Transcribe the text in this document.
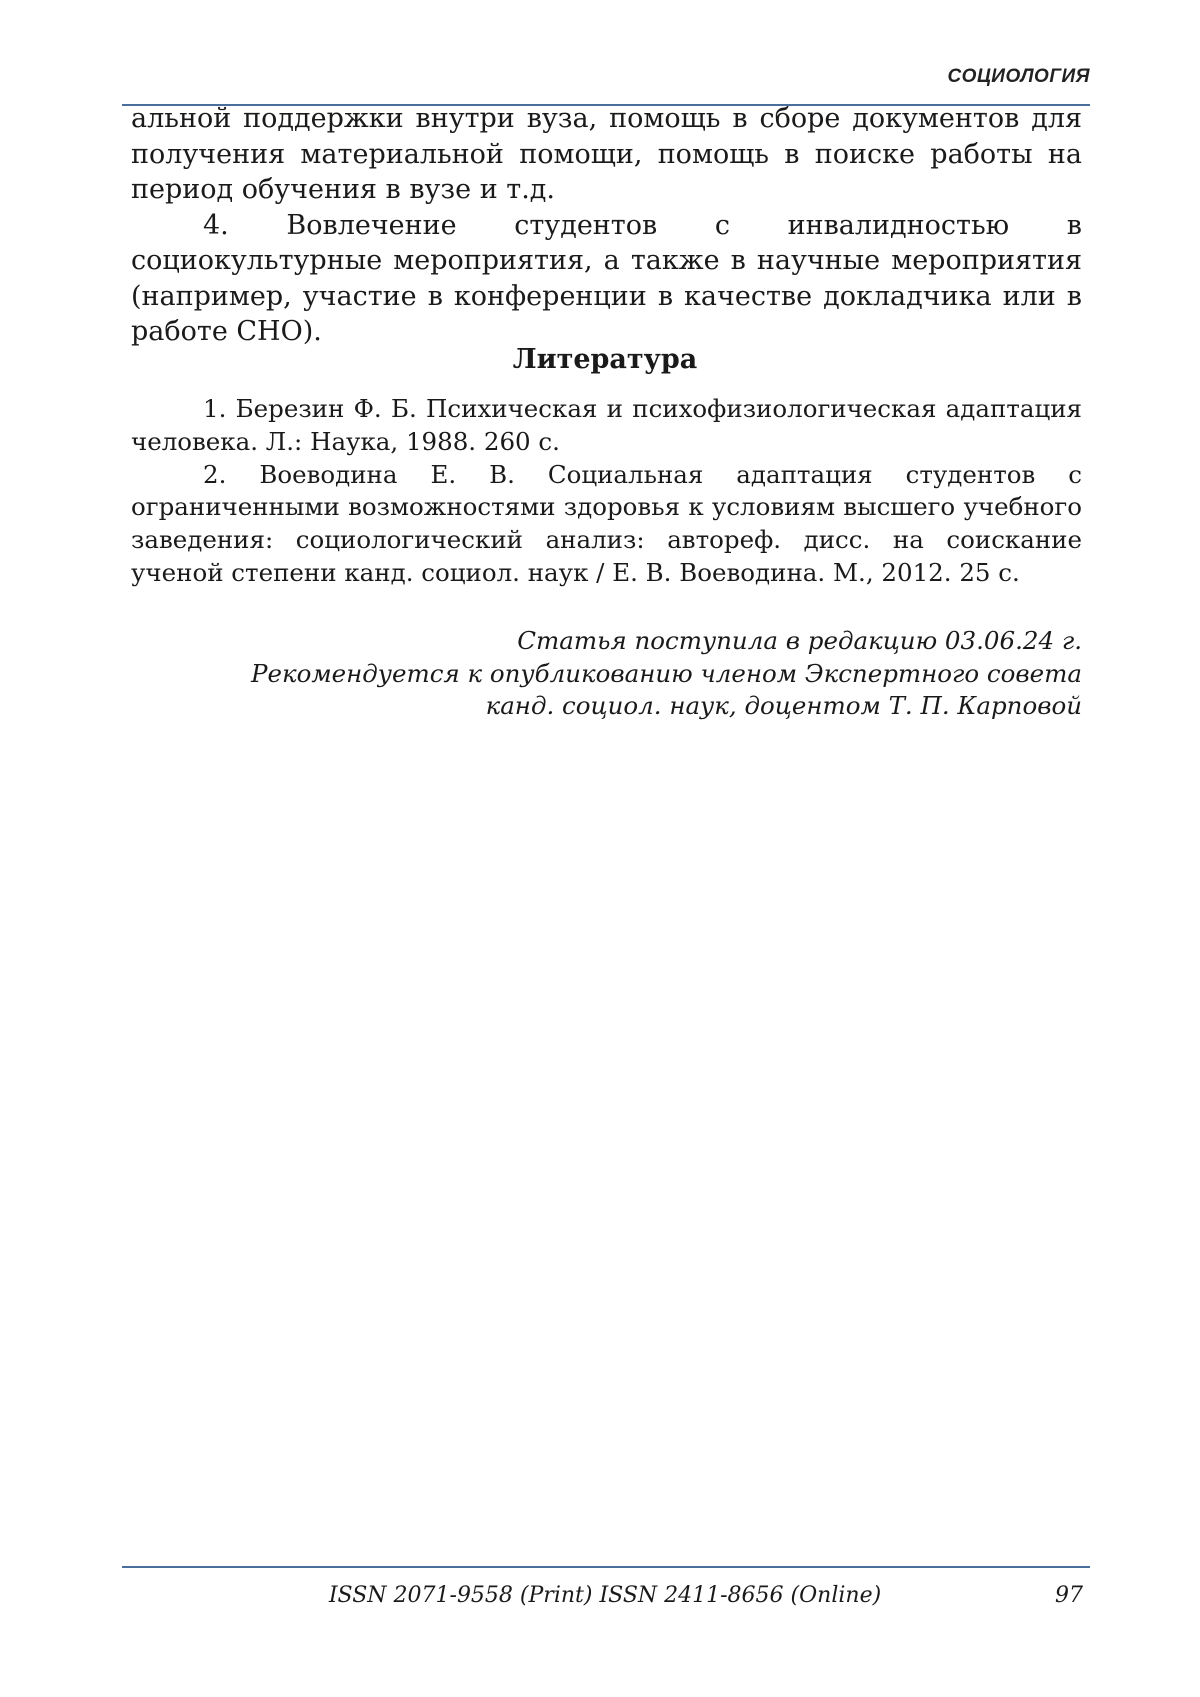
СОЦИОЛОГИЯ

альной поддержки внутри вуза, помощь в сборе документов для получения материальной помощи, помощь в поиске работы на период обучения в вузе и т.д.

4. Вовлечение студентов с инвалидностью в социокультурные мероприятия, а также в научные мероприятия (например, участие в конференции в качестве докладчика или в работе СНО).

Литература

1. Березин Ф. Б. Психическая и психофизиологическая адаптация человека. Л.: Наука, 1988. 260 с.

2. Воеводина Е. В. Социальная адаптация студентов с ограниченными возможностями здоровья к условиям высшего учебного заведения: социологический анализ: автореф. дисс. на соискание ученой степени канд. социол. наук / Е. В. Воеводина. М., 2012. 25 с.

Статья поступила в редакцию 03.06.24 г.
Рекомендуется к опубликованию членом Экспертного совета
канд. социол. наук, доцентом Т. П. Карповой
ISSN 2071-9558 (Print) ISSN 2411-8656 (Online)	97
